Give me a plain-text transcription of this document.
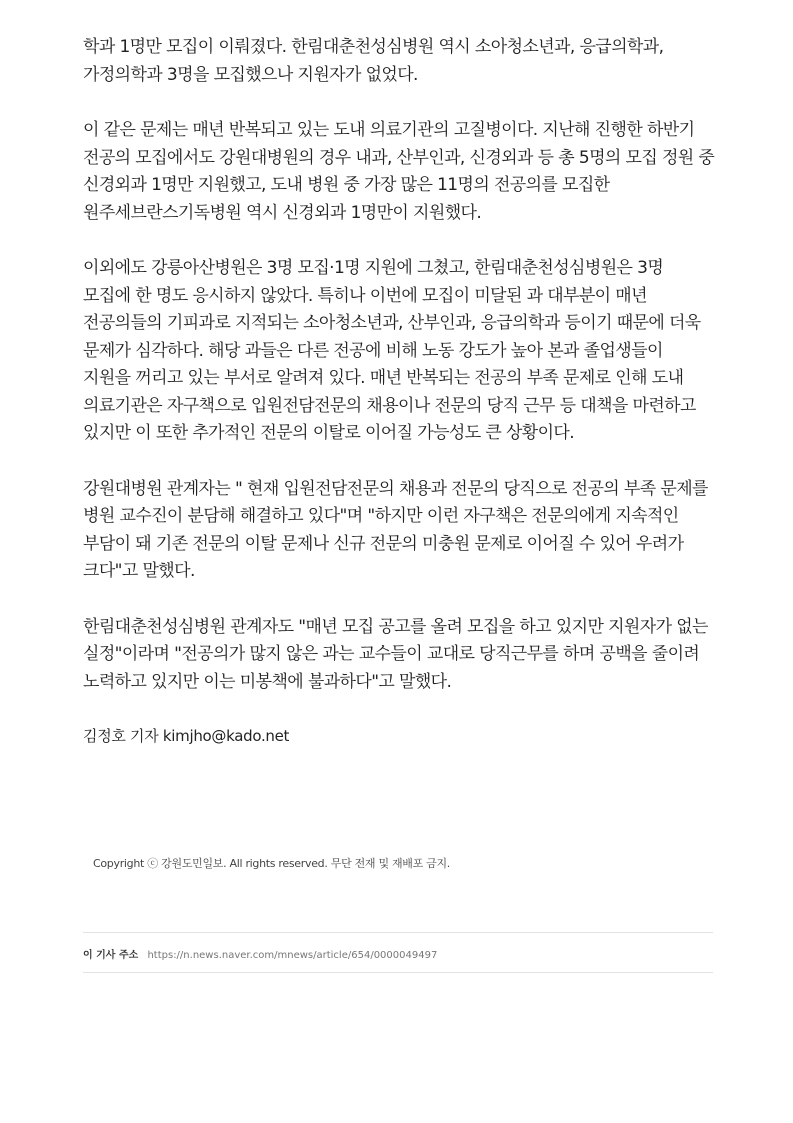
학과 1명만 모집이 이뤄졌다. 한림대춘천성심병원 역시 소아청소년과, 응급의학과, 가정의학과 3명을 모집했으나 지원자가 없었다.

이 같은 문제는 매년 반복되고 있는 도내 의료기관의 고질병이다. 지난해 진행한 하반기 전공의 모집에서도 강원대병원의 경우 내과, 산부인과, 신경외과 등 총 5명의 모집 정원 중 신경외과 1명만 지원했고, 도내 병원 중 가장 많은 11명의 전공의를 모집한 원주세브란스기독병원 역시 신경외과 1명만이 지원했다.

이외에도 강릉아산병원은 3명 모집·1명 지원에 그쳤고, 한림대춘천성심병원은 3명 모집에 한 명도 응시하지 않았다. 특히나 이번에 모집이 미달된 과 대부분이 매년 전공의들의 기피과로 지적되는 소아청소년과, 산부인과, 응급의학과 등이기 때문에 더욱 문제가 심각하다. 해당 과들은 다른 전공에 비해 노동 강도가 높아 본과 졸업생들이 지원을 꺼리고 있는 부서로 알려져 있다. 매년 반복되는 전공의 부족 문제로 인해 도내 의료기관은 자구책으로 입원전담전문의 채용이나 전문의 당직 근무 등 대책을 마련하고 있지만 이 또한 추가적인 전문의 이탈로 이어질 가능성도 큰 상황이다.

강원대병원 관계자는 " 현재 입원전담전문의 채용과 전문의 당직으로 전공의 부족 문제를 병원 교수진이 분담해 해결하고 있다"며 "하지만 이런 자구책은 전문의에게 지속적인 부담이 돼 기존 전문의 이탈 문제나 신규 전문의 미충원 문제로 이어질 수 있어 우려가 크다"고 말했다.

한림대춘천성심병원 관계자도 "매년 모집 공고를 올려 모집을 하고 있지만 지원자가 없는 실정"이라며 "전공의가 많지 않은 과는 교수들이 교대로 당직근무를 하며 공백을 줄이려 노력하고 있지만 이는 미봉책에 불과하다"고 말했다.

김정호 기자 kimjho@kado.net

Copyright ⓒ 강원도민일보. All rights reserved. 무단 전재 및 재배포 금지.
이 기사 주소 https://n.news.naver.com/mnews/article/654/0000049497
